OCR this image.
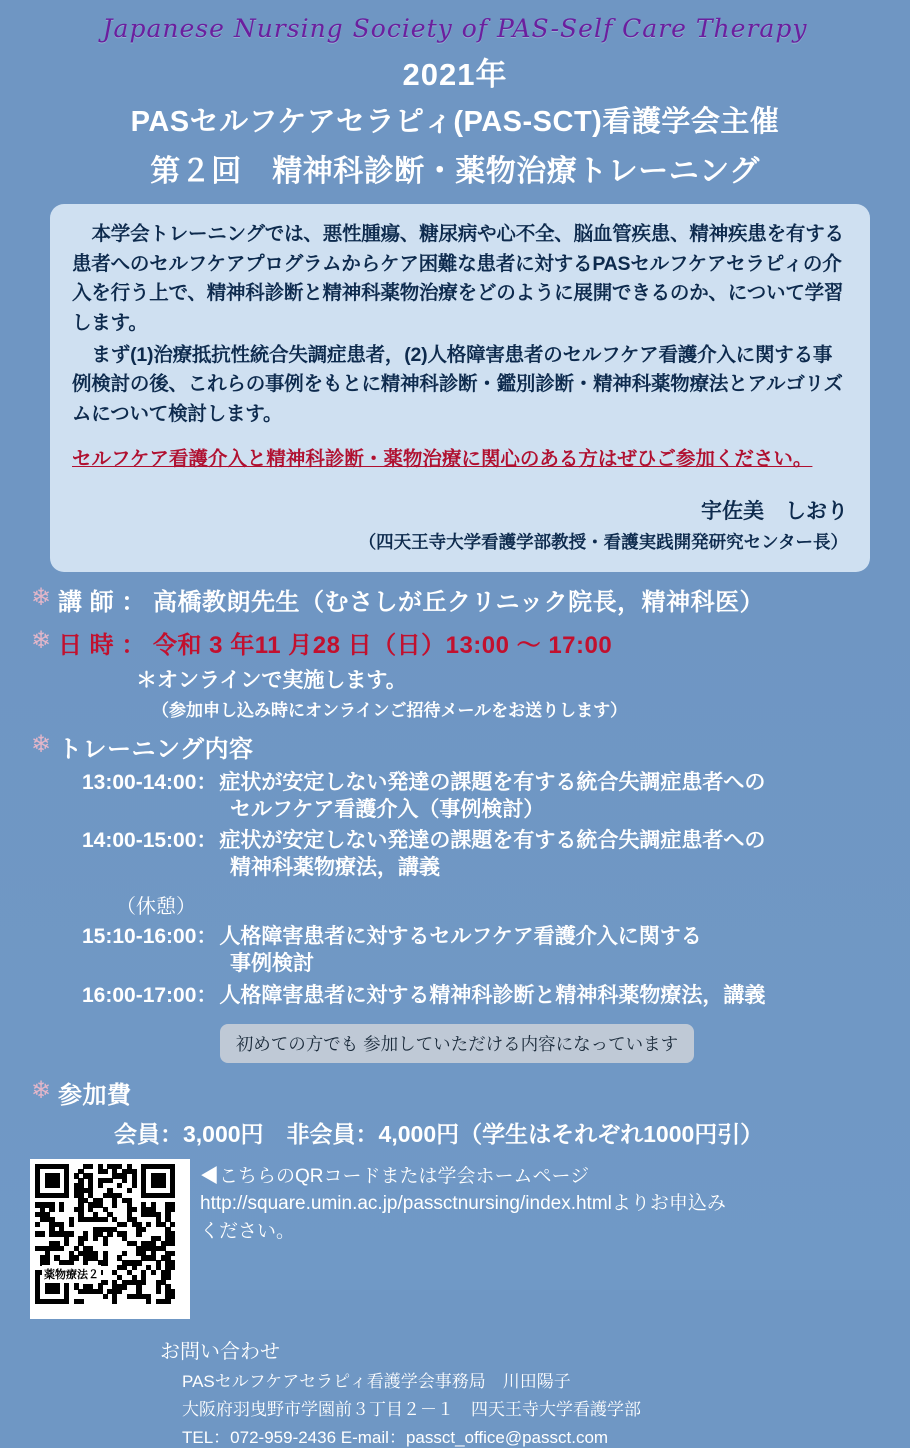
Japanese Nursing Society of PAS-Self Care Therapy
2021年
PASセルフケアセラピィ(PAS-SCT)看護学会主催
第２回　精神科診断・薬物治療トレーニング

本学会トレーニングでは、悪性腫瘍、糖尿病や心不全、脳血管疾患、精神疾患を有する患者へのセルフケアプログラムからケア困難な患者に対するPASセルフケアセラピィの介入を行う上で、精神科診断と精神科薬物治療をどのように展開できるのか、について学習します。

まず(1)治療抵抗性統合失調症患者，(2)人格障害患者のセルフケア看護介入に関する事例検討の後、これらの事例をもとに精神科診断・鑑別診断・精神科薬物療法とアルゴリズムについて検討します。

セルフケア看護介入と精神科診断・薬物治療に関心のある方はぜひご参加ください。
宇佐美　しおり
（四天王寺大学看護学部教授・看護実践開発研究センター長）
❄ 講 師 ： 高橋教朗先生（むさしが丘クリニック院長，精神科医）
❄ 日 時 ： 令和 3 年11 月28 日（日）13:00 ～ 17:00
＊オンラインで実施します。
（参加申し込み時にオンラインご招待メールをお送りします）
❄ トレーニング内容
13:00-14:00： 症状が安定しない発達の課題を有する統合失調症患者への
セルフケア看護介入（事例検討）
14:00-15:00： 症状が安定しない発達の課題を有する統合失調症患者への
精神科薬物療法，講義
（休憩）
15:10-16:00： 人格障害患者に対するセルフケア看護介入に関する
事例検討
16:00-17:00： 人格障害患者に対する精神科診断と精神科薬物療法，講義
初めての方でも 参加していただける内容になっています
❄ 参加費
会員：3,000円　非会員：4,000円（学生はそれぞれ1000円引）
薬物療法２
◀こちらのQRコードまたは学会ホームページ
http://square.umin.ac.jp/passctnursing/index.htmlよりお申込み
ください。
お問い合わせ
PASセルフケアセラピィ看護学会事務局　川田陽子
大阪府羽曳野市学園前３丁目２－１　四天王寺大学看護学部
TEL：072-959-2436 E-mail：passct_office@passct.com
